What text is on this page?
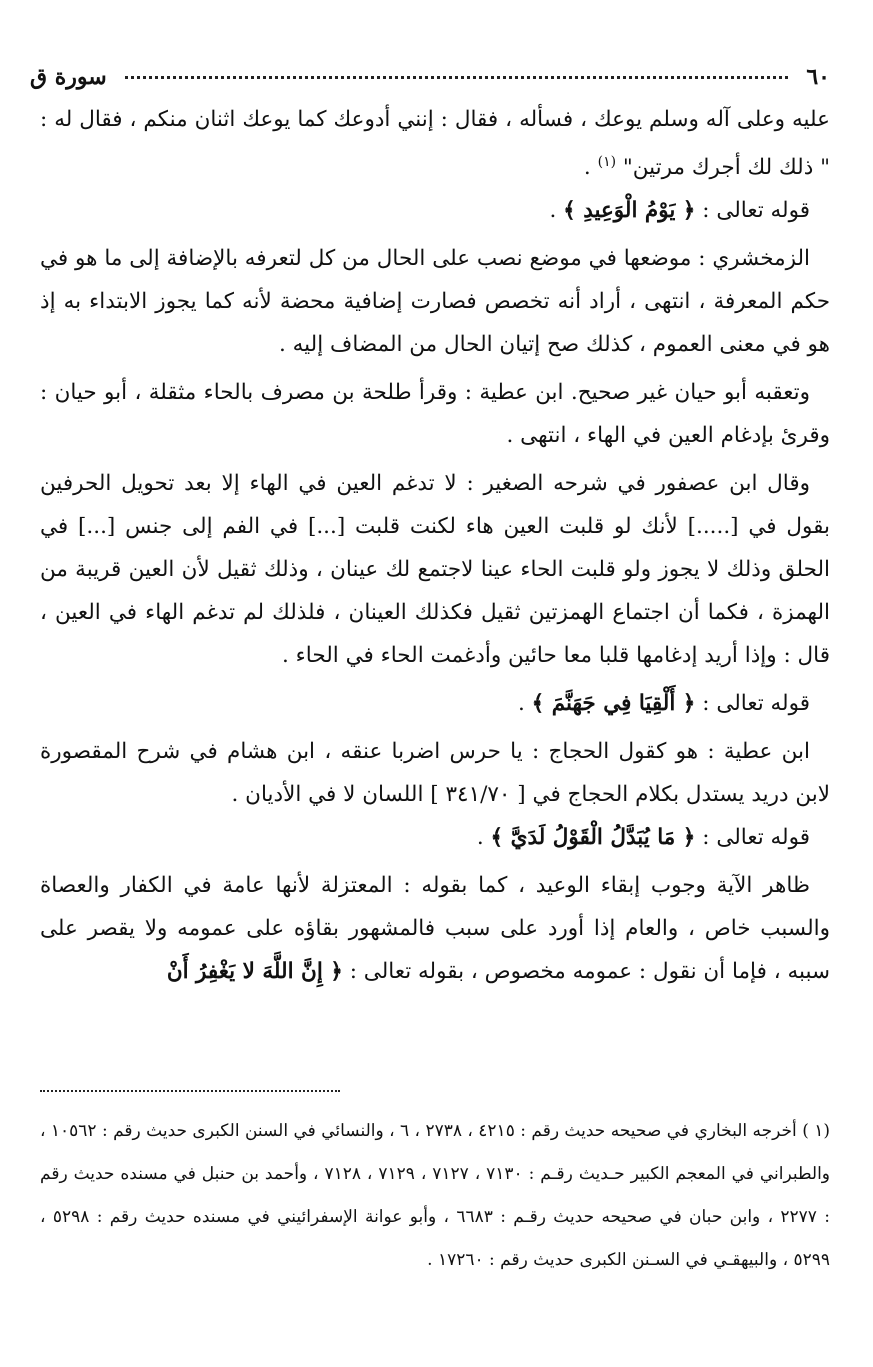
٦٠
سورة ق

عليه وعلى آله وسلم يوعك ، فسأله ، فقال : إنني أدوعك كما يوعك اثنان منكم ، فقال له : " ذلك لك أجرك مرتين" $^{(١)}$ .

قوله تعالى : ﴿ يَوْمُ الْوَعِيدِ ﴾ .

الزمخشري : موضعها في موضع نصب على الحال من كل لتعرفه بالإضافة إلى ما هو في حكم المعرفة ، انتهى ، أراد أنه تخصص فصارت إضافية محضة لأنه كما يجوز الابتداء به إذ هو في معنى العموم ، كذلك صح إتيان الحال من المضاف إليه .

وتعقبه أبو حيان غير صحيح. ابن عطية : وقرأ طلحة بن مصرف بالحاء مثقلة ، أبو حيان : وقرئ بإدغام العين في الهاء ، انتهى .

وقال ابن عصفور في شرحه الصغير : لا تدغم العين في الهاء إلا بعد تحويل الحرفين بقول في [.....] لأنك لو قلبت العين هاء لكنت قلبت [...] في الفم إلى جنس [...] في الحلق وذلك لا يجوز ولو قلبت الحاء عينا لاجتمع لك عينان ، وذلك ثقيل لأن العين قريبة من الهمزة ، فكما أن اجتماع الهمزتين ثقيل فكذلك العينان ، فلذلك لم تدغم الهاء في العين ، قال : وإذا أريد إدغامها قلبا معا حائين وأدغمت الحاء في الحاء .

قوله تعالى : ﴿ أَلْقِيَا فِي جَهَنَّمَ ﴾ .

ابن عطية : هو كقول الحجاج : يا حرس اضربا عنقه ، ابن هشام في شرح المقصورة لابن دريد يستدل بكلام الحجاج في [ ٣٤١/٧٠ ] اللسان لا في الأديان .

قوله تعالى : ﴿ مَا يُبَدَّلُ الْقَوْلُ لَدَيَّ ﴾ .

ظاهر الآية وجوب إبقاء الوعيد ، كما بقوله : المعتزلة لأنها عامة في الكفار والعصاة والسبب خاص ، والعام إذا أورد على سبب فالمشهور بقاؤه على عمومه ولا يقصر على سببه ، فإما أن نقول : عمومه مخصوص ، بقوله تعالى : ﴿ إِنَّ اللَّهَ لا يَغْفِرُ أَنْ

(١ ) أخرجه البخاري في صحيحه حديث رقم : ٤٢١٥ ، ٢٧٣٨ ، ٦ ، والنسائي في السنن الكبرى حديث رقم : ١٠٥٦٢ ، والطبراني في المعجم الكبير حـديث رقـم : ٧١٣٠ ، ٧١٢٧ ، ٧١٢٩ ، ٧١٢٨ ، وأحمد بن حنبل في مسنده حديث رقم : ٢٢٧٧ ، وابن حبان في صحيحه حديث رقـم : ٦٦٨٣ ، وأبو عوانة الإسفرائيني في مسنده حديث رقم : ٥٢٩٨ ، ٥٢٩٩ ، والبيهقـي في السـنن الكبرى حديث رقم : ١٧٢٦٠ .
